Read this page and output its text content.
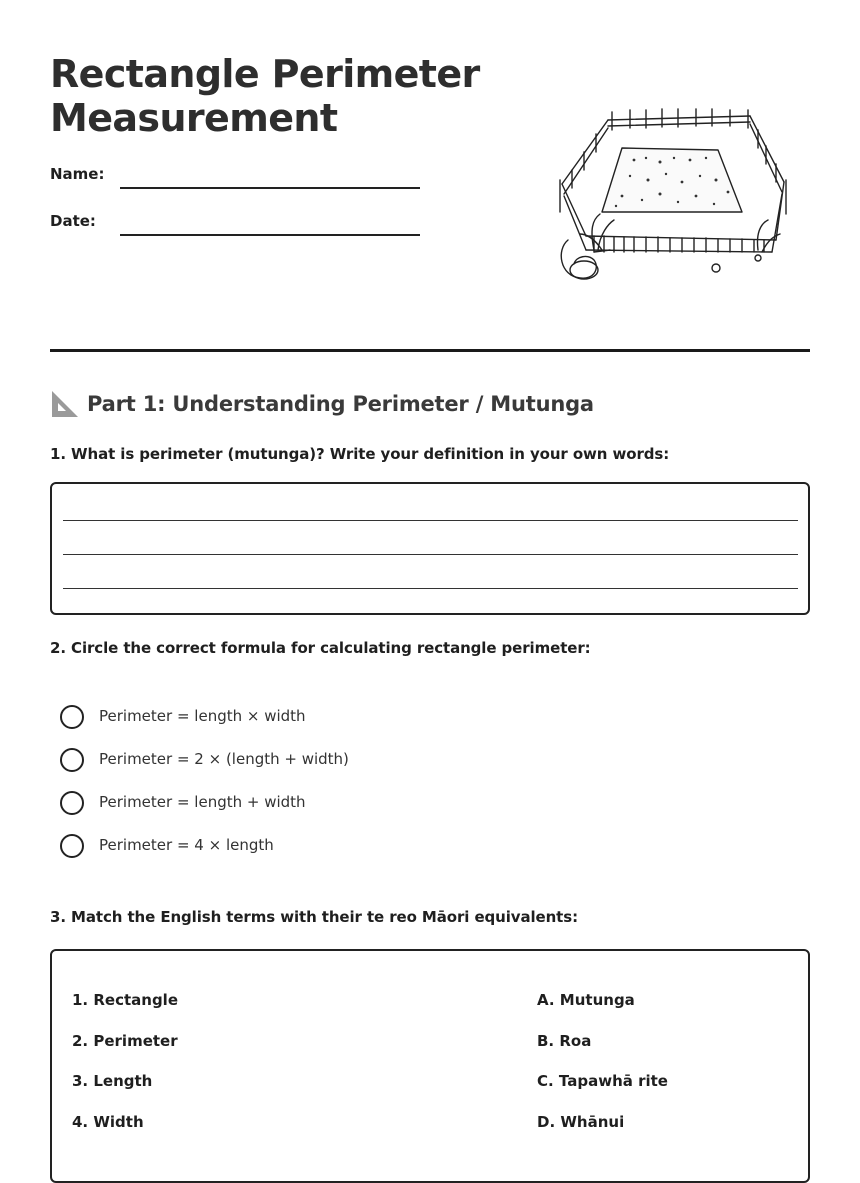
Rectangle Perimeter
Measurement
Name:
Date:
Part 1: Understanding Perimeter / Mutunga
1. What is perimeter (mutunga)? Write your definition in your own words:
2. Circle the correct formula for calculating rectangle perimeter:
Perimeter = length × width
Perimeter = 2 × (length + width)
Perimeter = length + width
Perimeter = 4 × length
3. Match the English terms with their te reo Māori equivalents:
1. Rectangle
2. Perimeter
3. Length
4. Width
A. Mutunga
B. Roa
C. Tapawhā rite
D. Whānui
